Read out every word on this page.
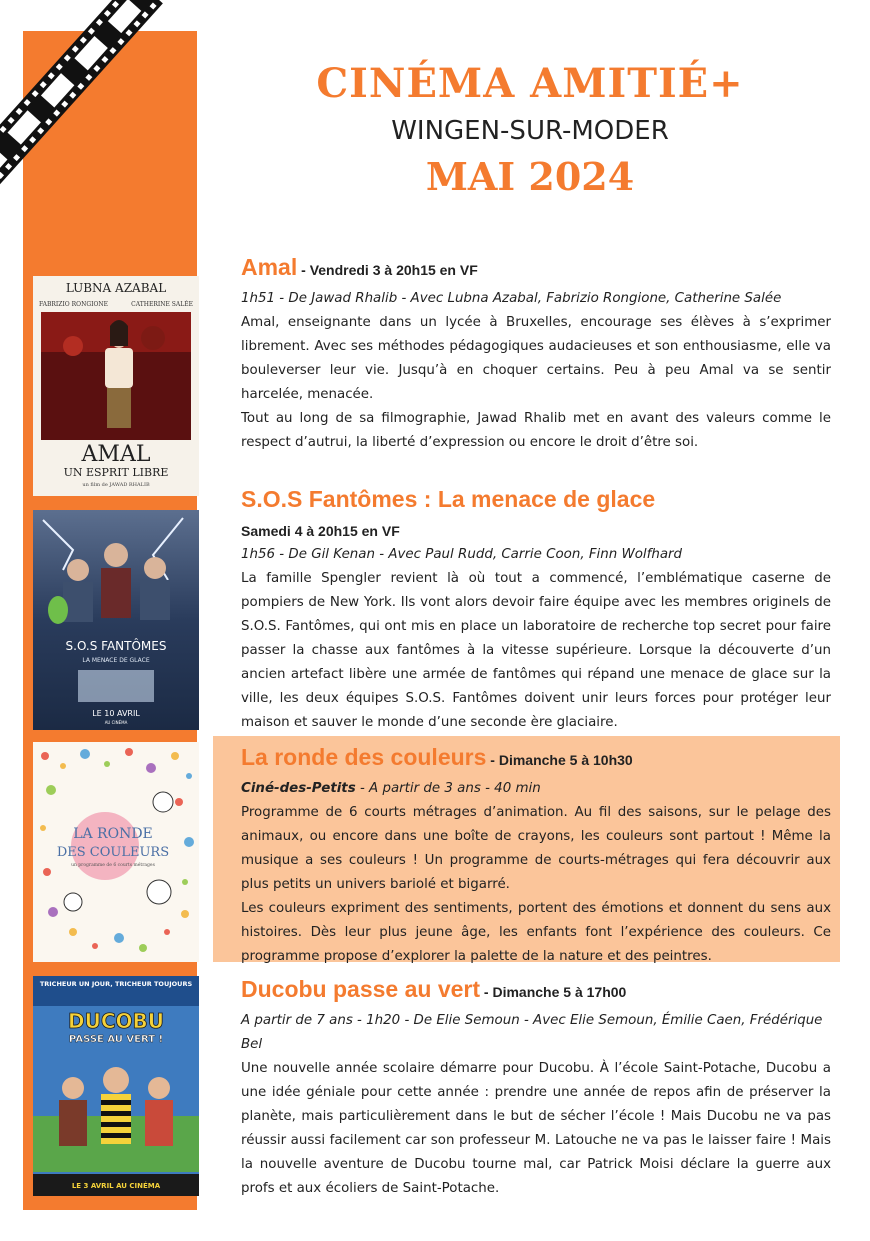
CINÉMA AMITIÉ+
WINGEN-SUR-MODER
MAI 2024
LUBNA AZABAL
FABRIZIO RONGIONE	CATHERINE SALÉE
AMAL
UN ESPRIT LIBRE
un film de JAWAD RHALIB
S.O.S FANTÔMES
LA MENACE DE GLACE
LE 10 AVRIL
AU CINÉMA
LA RONDE
DES COULEURS
un programme de 6 courts métrages
TRICHEUR UN JOUR, TRICHEUR TOUJOURS
DUCOBU
PASSE AU VERT !
LE 3 AVRIL AU CINÉMA
Amal - Vendredi 3 à 20h15 en VF
1h51 - De Jawad Rhalib - Avec Lubna Azabal, Fabrizio Rongione, Catherine Salée

Amal, enseignante dans un lycée à Bruxelles, encourage ses élèves à s’exprimer librement. Avec ses méthodes pédagogiques audacieuses et son enthousiasme, elle va bouleverser leur vie. Jusqu’à en choquer certains. Peu à peu Amal va se sentir harcelée, menacée.

Tout au long de sa filmographie, Jawad Rhalib met en avant des valeurs comme le respect d’autrui, la liberté d’expression ou encore le droit d’être soi.

S.O.S Fantômes : La menace de glace
Samedi 4 à 20h15 en VF
1h56 - De Gil Kenan - Avec Paul Rudd, Carrie Coon, Finn Wolfhard

La famille Spengler revient là où tout a commencé, l’emblématique caserne de pompiers de New York. Ils vont alors devoir faire équipe avec les membres originels de S.O.S. Fantômes, qui ont mis en place un laboratoire de recherche top secret pour faire passer la chasse aux fantômes à la vitesse supérieure. Lorsque la découverte d’un ancien artefact libère une armée de fantômes qui répand une menace de glace sur la ville, les deux équipes S.O.S. Fantômes doivent unir leurs forces pour protéger leur maison et sauver le monde d’une seconde ère glaciaire.

La ronde des couleurs - Dimanche 5 à 10h30
Ciné-des-Petits - A partir de 3 ans - 40 min

Programme de 6 courts métrages d’animation. Au fil des saisons, sur le pelage des animaux, ou encore dans une boîte de crayons, les couleurs sont partout ! Même la musique a ses couleurs ! Un programme de courts-métrages qui fera découvrir aux plus petits un univers bariolé et bigarré.

Les couleurs expriment des sentiments, portent des émotions et donnent du sens aux histoires. Dès leur plus jeune âge, les enfants font l’expérience des couleurs. Ce programme propose d’explorer la palette de la nature et des peintres.

Ducobu passe au vert - Dimanche 5 à 17h00
A partir de 7 ans - 1h20 - De Elie Semoun - Avec Elie Semoun, Émilie Caen, Frédérique Bel

Une nouvelle année scolaire démarre pour Ducobu. À l’école Saint-Potache, Ducobu a une idée géniale pour cette année : prendre une année de repos afin de préserver la planète, mais particulièrement dans le but de sécher l’école ! Mais Ducobu ne va pas réussir aussi facilement car son professeur M. Latouche ne va pas le laisser faire ! Mais la nouvelle aventure de Ducobu tourne mal, car Patrick Moisi déclare la guerre aux profs et aux écoliers de Saint-Potache.
